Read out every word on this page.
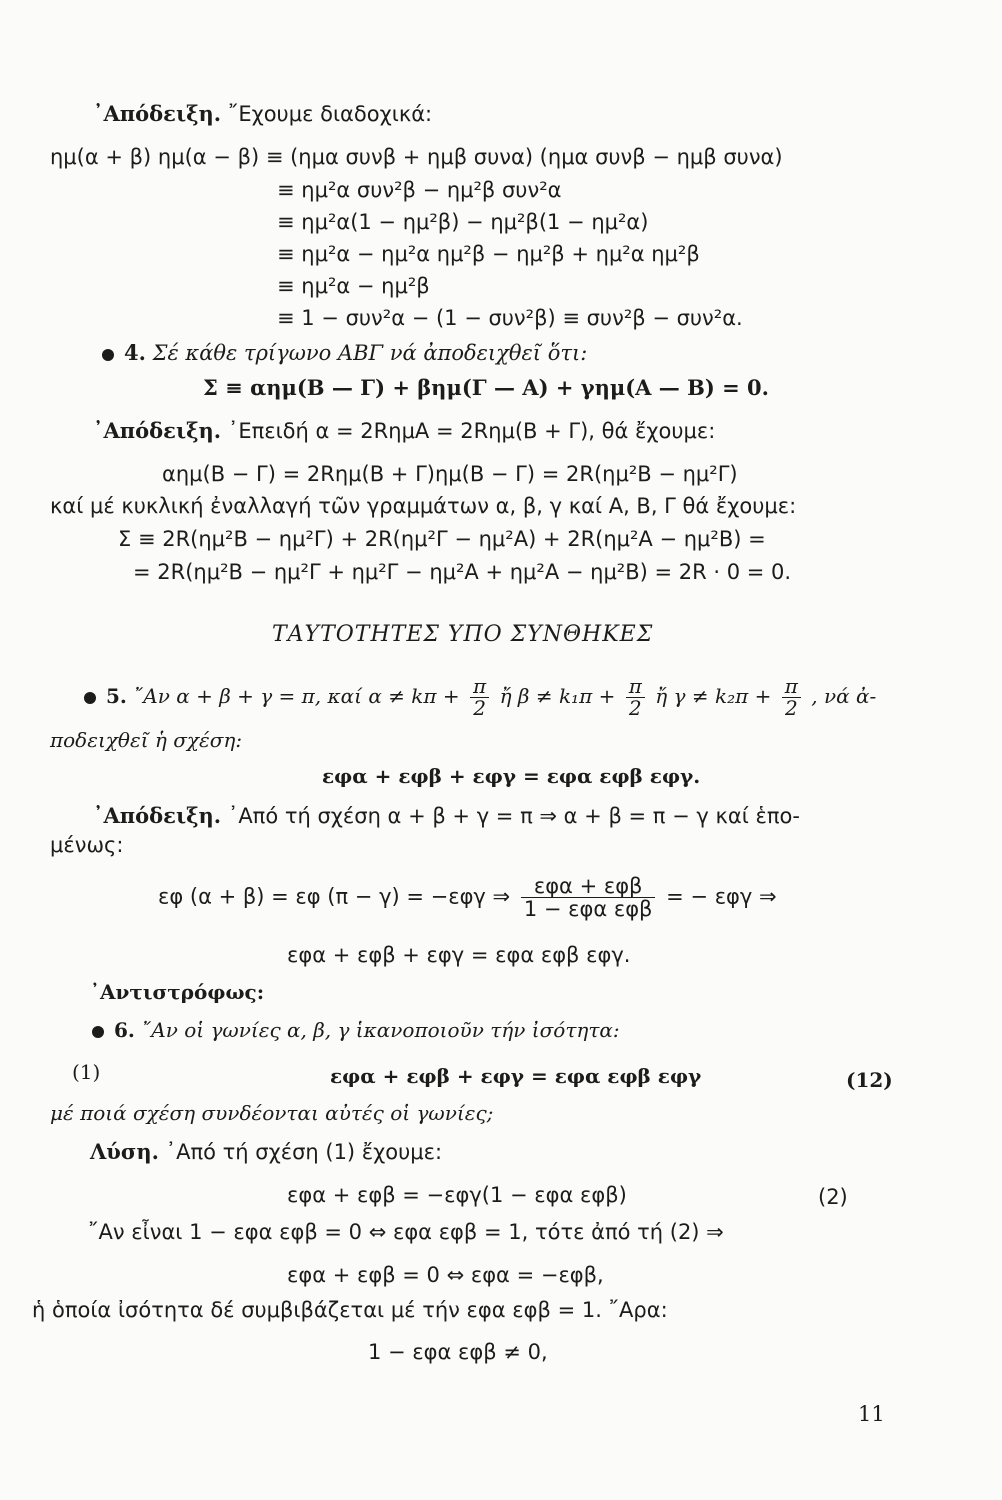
᾿Απόδειξη. ῎Εχουμε διαδοχικά:
ημ(α + β) ημ(α − β) ≡ (ημα συνβ + ημβ συνα) (ημα συνβ − ημβ συνα)
≡ ημ²α συν²β − ημ²β συν²α
≡ ημ²α(1 − ημ²β) − ημ²β(1 − ημ²α)
≡ ημ²α − ημ²α ημ²β − ημ²β + ημ²α ημ²β
≡ ημ²α − ημ²β
≡ 1 − συν²α − (1 − συν²β) ≡ συν²β − συν²α.
4. Σέ κάθε τρίγωνο ΑΒΓ νά ἀποδειχθεῖ ὅτι:
Σ ≡ αημ(Β — Γ) + βημ(Γ — Α) + γημ(Α — Β) = 0.
᾿Απόδειξη. ᾿Επειδή α = 2RημΑ = 2Rημ(Β + Γ), θά ἔχουμε:
αημ(Β − Γ) = 2Rημ(Β + Γ)ημ(Β − Γ) = 2R(ημ²Β − ημ²Γ)
καί μέ κυκλική ἐναλλαγή τῶν γραμμάτων α, β, γ καί Α, Β, Γ θά ἔχουμε:
Σ ≡ 2R(ημ²Β − ημ²Γ) + 2R(ημ²Γ − ημ²Α) + 2R(ημ²Α − ημ²Β) =
= 2R(ημ²Β − ημ²Γ + ημ²Γ − ημ²Α + ημ²Α − ημ²Β) = 2R · 0 = 0.
ΤΑΥΤΟΤΗΤΕΣ ΥΠΟ ΣΥΝΘΗΚΕΣ
5. ῎Αν α + β + γ = π, καί $\alpha \ne k\pi + \frac{\pi}{2}$ ἤ $\beta \ne k_1\pi + \frac{\pi}{2}$ ἤ $\gamma \ne k_2\pi + \frac{\pi}{2}$ , νά ἀ-
ποδειχθεῖ ἡ σχέση:
εφα + εφβ + εφγ = εφα εφβ εφγ.
᾿Απόδειξη. ᾿Από τή σχέση α + β + γ = π ⇒ α + β = π − γ καί ἑπο-
μένως:
εφ (α + β) = εφ (π − γ) = −εφγ ⇒ $\frac{\text{εφα + εφβ}}{\text{1 − εφα εφβ}}$ = − εφγ ⇒
εφα + εφβ + εφγ = εφα εφβ εφγ.
᾿Αντιστρόφως:
6. ῎Αν οἱ γωνίες α, β, γ ἱκανοποιοῦν τήν ἰσότητα:
(1)	εφα + εφβ + εφγ = εφα εφβ εφγ	(12)
μέ ποιά σχέση συνδέονται αὐτές οἱ γωνίες;
Λύση. ᾿Από τή σχέση (1) ἔχουμε:
εφα + εφβ = −εφγ(1 − εφα εφβ)	(2)
῎Αν εἶναι 1 − εφα εφβ = 0 ⇔ εφα εφβ = 1, τότε ἀπό τή (2) ⇒
εφα + εφβ = 0 ⇔ εφα = −εφβ,
ἡ ὁποία ἰσότητα δέ συμβιβάζεται μέ τήν εφα εφβ = 1. ῎Αρα:
1 − εφα εφβ ≠ 0,
11
